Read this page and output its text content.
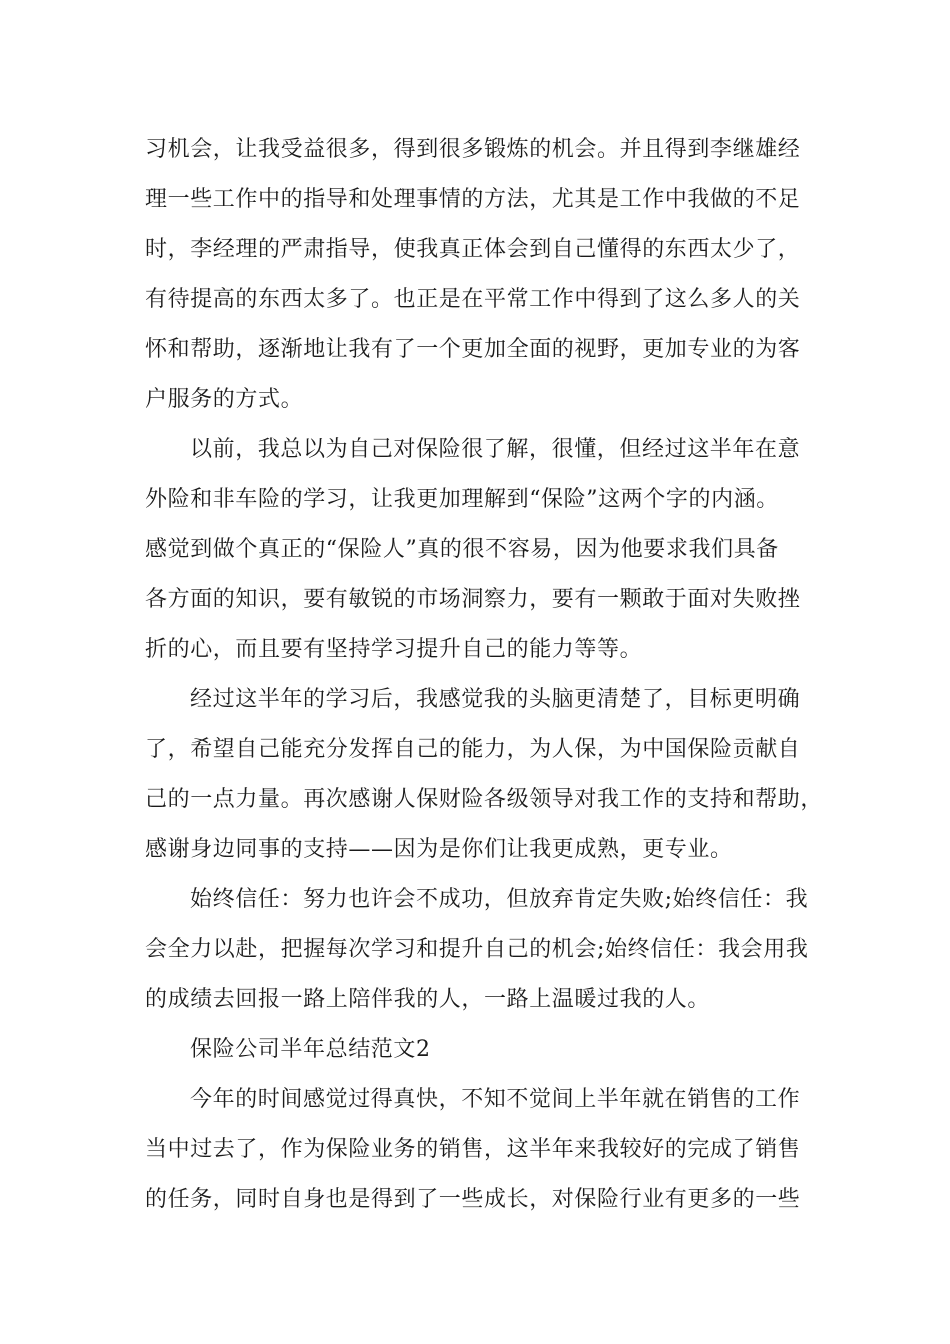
习机会，让我受益很多，得到很多锻炼的机会。并且得到李继雄经
理一些工作中的指导和处理事情的方法，尤其是工作中我做的不足
时，李经理的严肃指导，使我真正体会到自己懂得的东西太少了，
有待提高的东西太多了。也正是在平常工作中得到了这么多人的关
怀和帮助，逐渐地让我有了一个更加全面的视野，更加专业的为客
户服务的方式。
以前，我总以为自己对保险很了解，很懂，但经过这半年在意
外险和非车险的学习，让我更加理解到“保险”这两个字的内涵。
感觉到做个真正的“保险人”真的很不容易，因为他要求我们具备
各方面的知识，要有敏锐的市场洞察力，要有一颗敢于面对失败挫
折的心，而且要有坚持学习提升自己的能力等等。
经过这半年的学习后，我感觉我的头脑更清楚了，目标更明确
了，希望自己能充分发挥自己的能力，为人保，为中国保险贡献自
己的一点力量。再次感谢人保财险各级领导对我工作的支持和帮助，
感谢身边同事的支持——因为是你们让我更成熟，更专业。
始终信任：努力也许会不成功，但放弃肯定失败;始终信任：我
会全力以赴，把握每次学习和提升自己的机会;始终信任：我会用我
的成绩去回报一路上陪伴我的人，一路上温暖过我的人。
保险公司半年总结范文2
今年的时间感觉过得真快，不知不觉间上半年就在销售的工作
当中过去了，作为保险业务的销售，这半年来我较好的完成了销售
的任务，同时自身也是得到了一些成长，对保险行业有更多的一些
